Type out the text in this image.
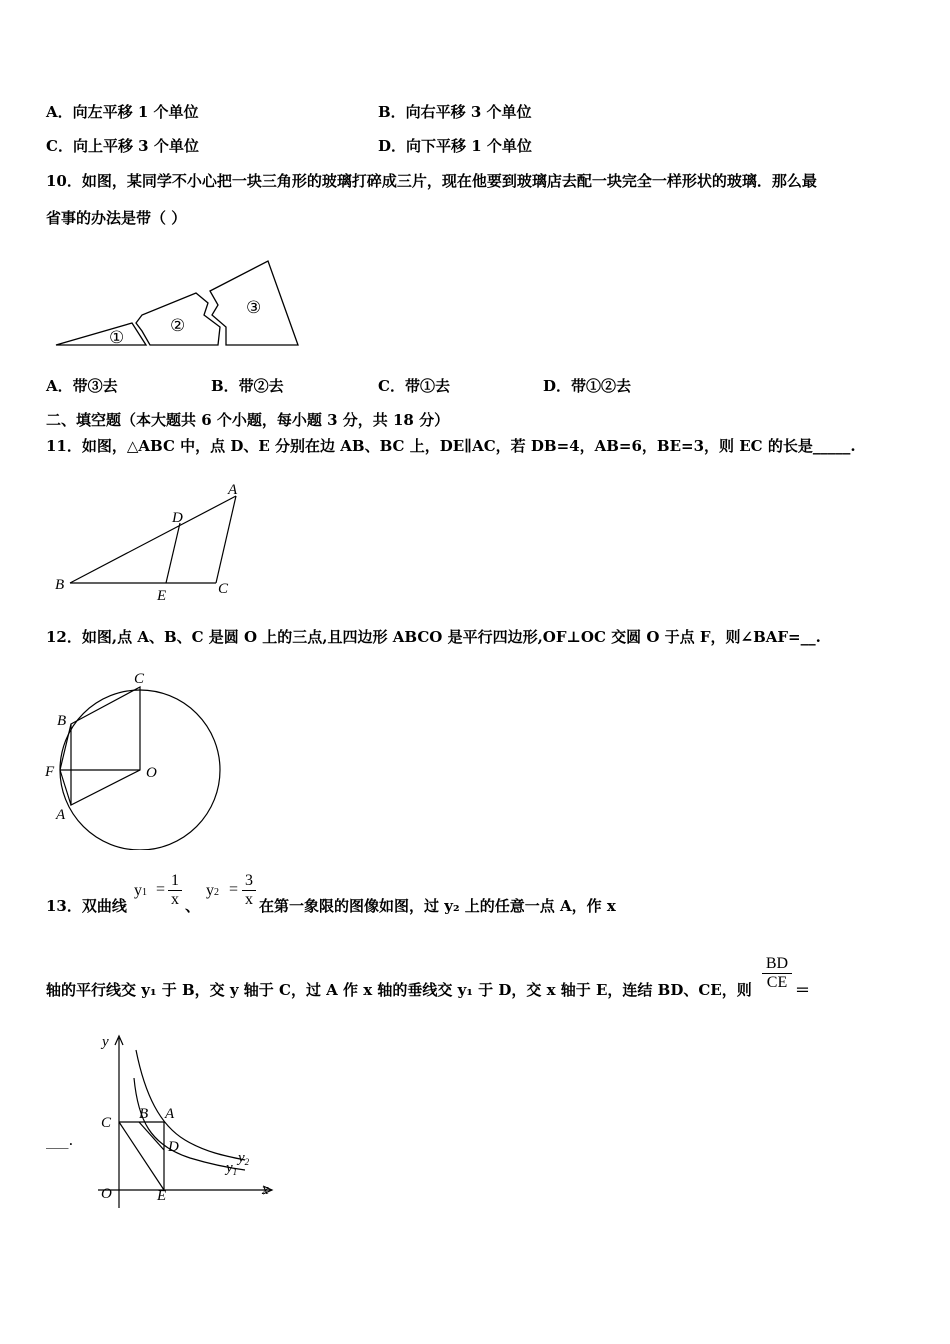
A．向左平移 1 个单位	B．向右平移 3 个单位
C．向上平移 3 个单位	D．向下平移 1 个单位
10．如图，某同学不小心把一块三角形的玻璃打碎成三片，现在他要到玻璃店去配一块完全一样形状的玻璃．那么最
省事的办法是带（ ）
①
②
③
A．带③去	B．带②去	C．带①去	D．带①②去
二、填空题（本大题共 6 个小题，每小题 3 分，共 18 分）
11．如图，△ABC 中，点 D、E 分别在边 AB、BC 上，DE∥AC，若 DB=4，AB=6，BE=3，则 EC 的长是_____.
A
D
B
E	C
12．如图,点 A、B、C 是圆 O 上的三点,且四边形 ABCO 是平行四边形,OF⊥OC 交圆 O 于点 F，则∠BAF=__.
C
B
F	O
A
13．双曲线
y1 =
1
x 、
y2 =
3
x 在第一象限的图像如图，过 y₂ 上的任意一点 A，作 x
轴的平行线交 y₁ 于 B，交 y 轴于 C，过 A 作 x 轴的垂线交 y₁ 于 D，交 x 轴于 E，连结 BD、CE，则
BD
CE ＝
___.
y
x
O	E
C
B A
D
$y_2$
$y_1$
